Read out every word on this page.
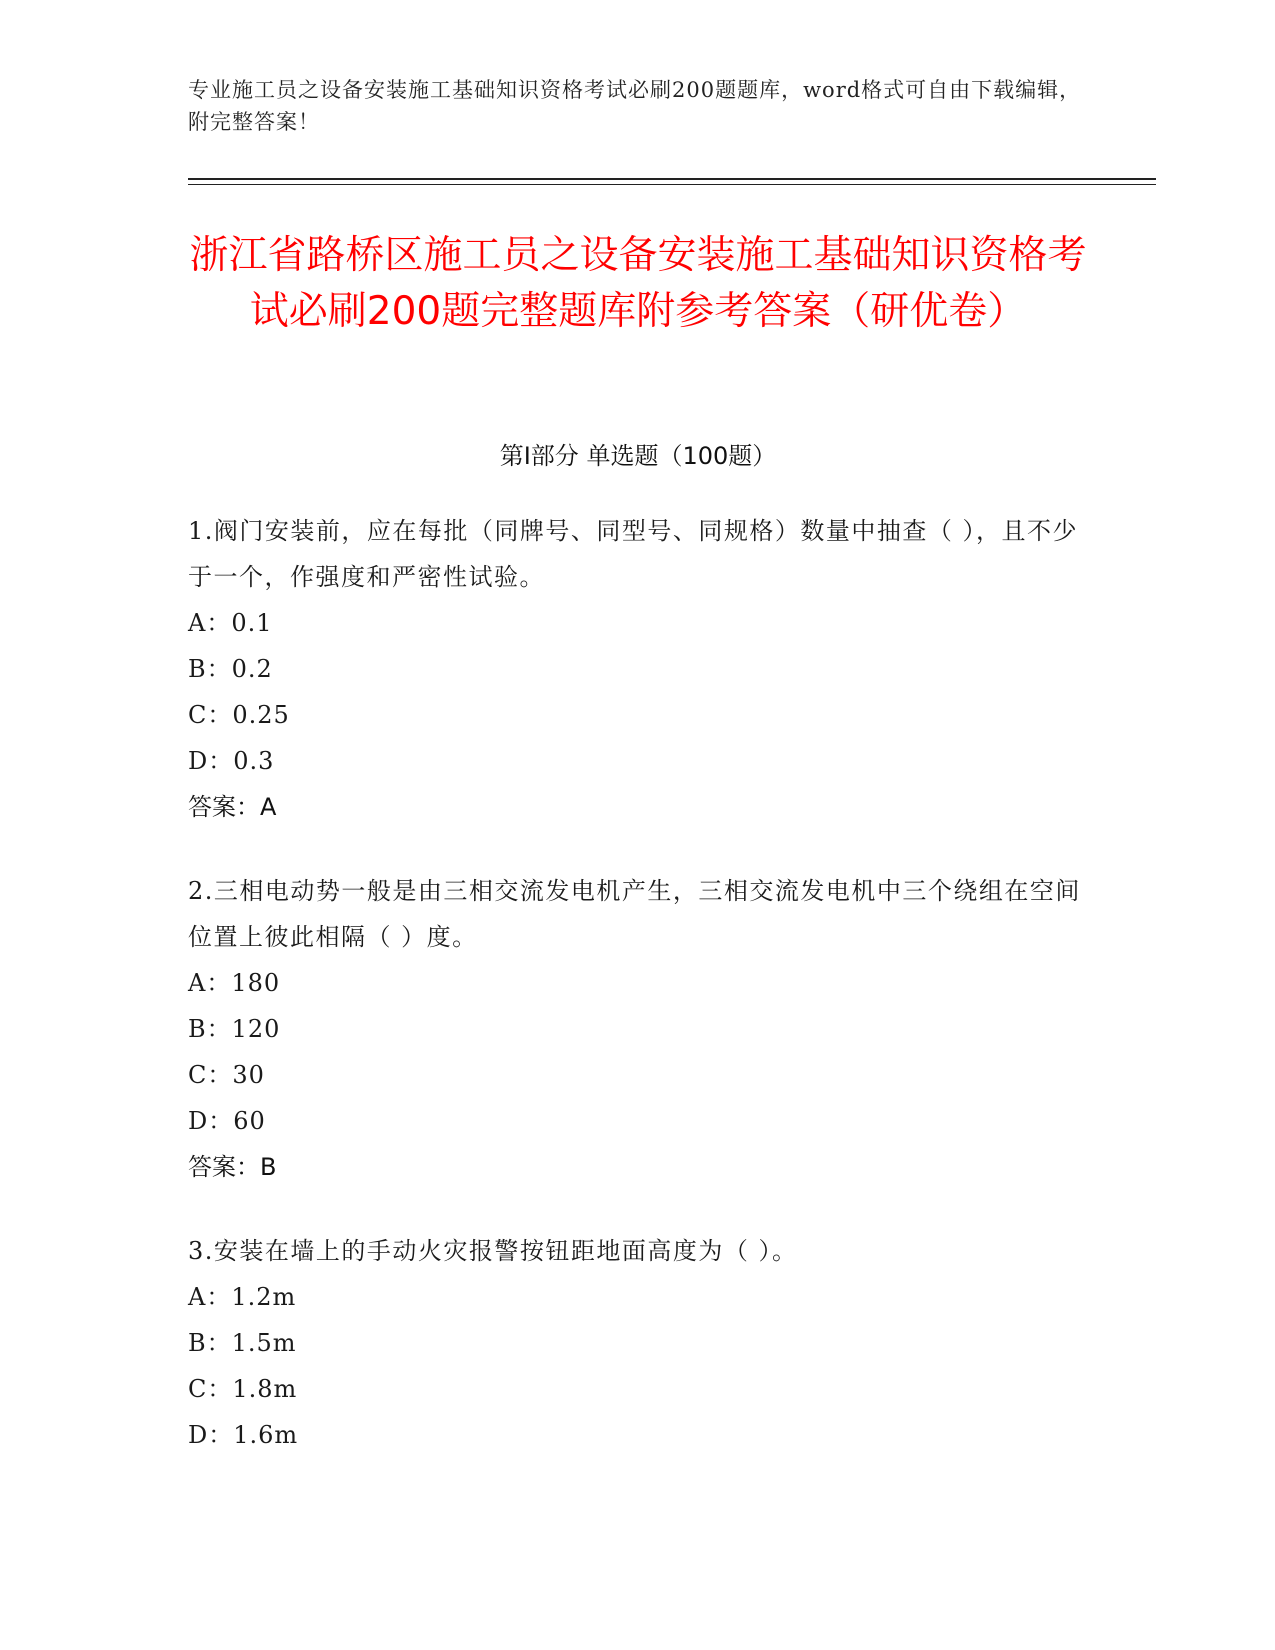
专业施工员之设备安装施工基础知识资格考试必刷200题题库，word格式可自由下载编辑，附完整答案！
浙江省路桥区施工员之设备安装施工基础知识资格考试必刷200题完整题库附参考答案（研优卷）
第Ⅰ部分 单选题（100题）

1.阀门安装前，应在每批（同牌号、同型号、同规格）数量中抽查（ ），且不少于一个，作强度和严密性试验。

A： 0.1
B： 0.2
C： 0.25
D： 0.3
答案：A

2.三相电动势一般是由三相交流发电机产生，三相交流发电机中三个绕组在空间位置上彼此相隔（ ）度。

A： 180
B： 120
C： 30
D： 60
答案：B

3.安装在墙上的手动火灾报警按钮距地面高度为（ ）。

A： 1.2m
B： 1.5m
C： 1.8m
D： 1.6m
